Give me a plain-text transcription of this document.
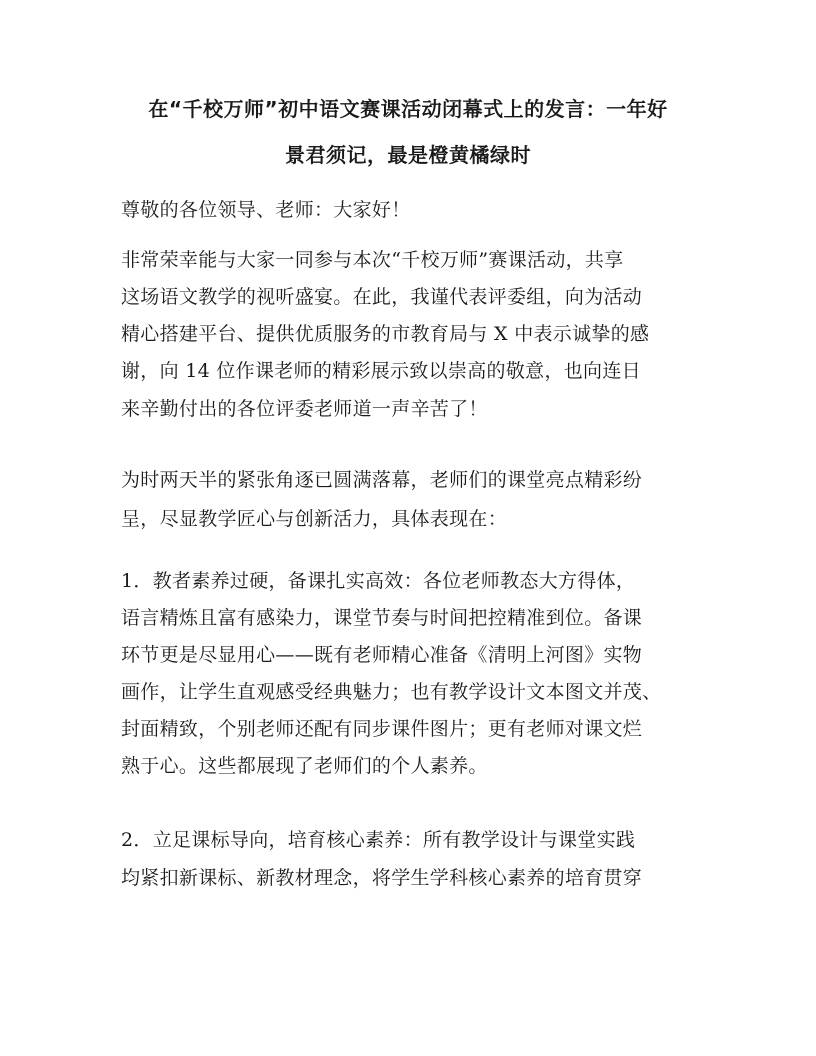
在“千校万师”初中语文赛课活动闭幕式上的发言：一年好
景君须记，最是橙黄橘绿时

尊敬的各位领导、老师：大家好！

非常荣幸能与大家一同参与本次“千校万师”赛课活动，共享

这场语文教学的视听盛宴。在此，我谨代表评委组，向为活动

精心搭建平台、提供优质服务的市教育局与 X 中表示诚挚的感

谢，向 14 位作课老师的精彩展示致以崇高的敬意，也向连日

来辛勤付出的各位评委老师道一声辛苦了！

为时两天半的紧张角逐已圆满落幕，老师们的课堂亮点精彩纷

呈，尽显教学匠心与创新活力，具体表现在：

1．教者素养过硬，备课扎实高效：各位老师教态大方得体，

语言精炼且富有感染力，课堂节奏与时间把控精准到位。备课

环节更是尽显用心——既有老师精心准备《清明上河图》实物

画作，让学生直观感受经典魅力；也有教学设计文本图文并茂、

封面精致，个别老师还配有同步课件图片；更有老师对课文烂

熟于心。这些都展现了老师们的个人素养。

2．立足课标导向，培育核心素养：所有教学设计与课堂实践

均紧扣新课标、新教材理念，将学生学科核心素养的培育贯穿
